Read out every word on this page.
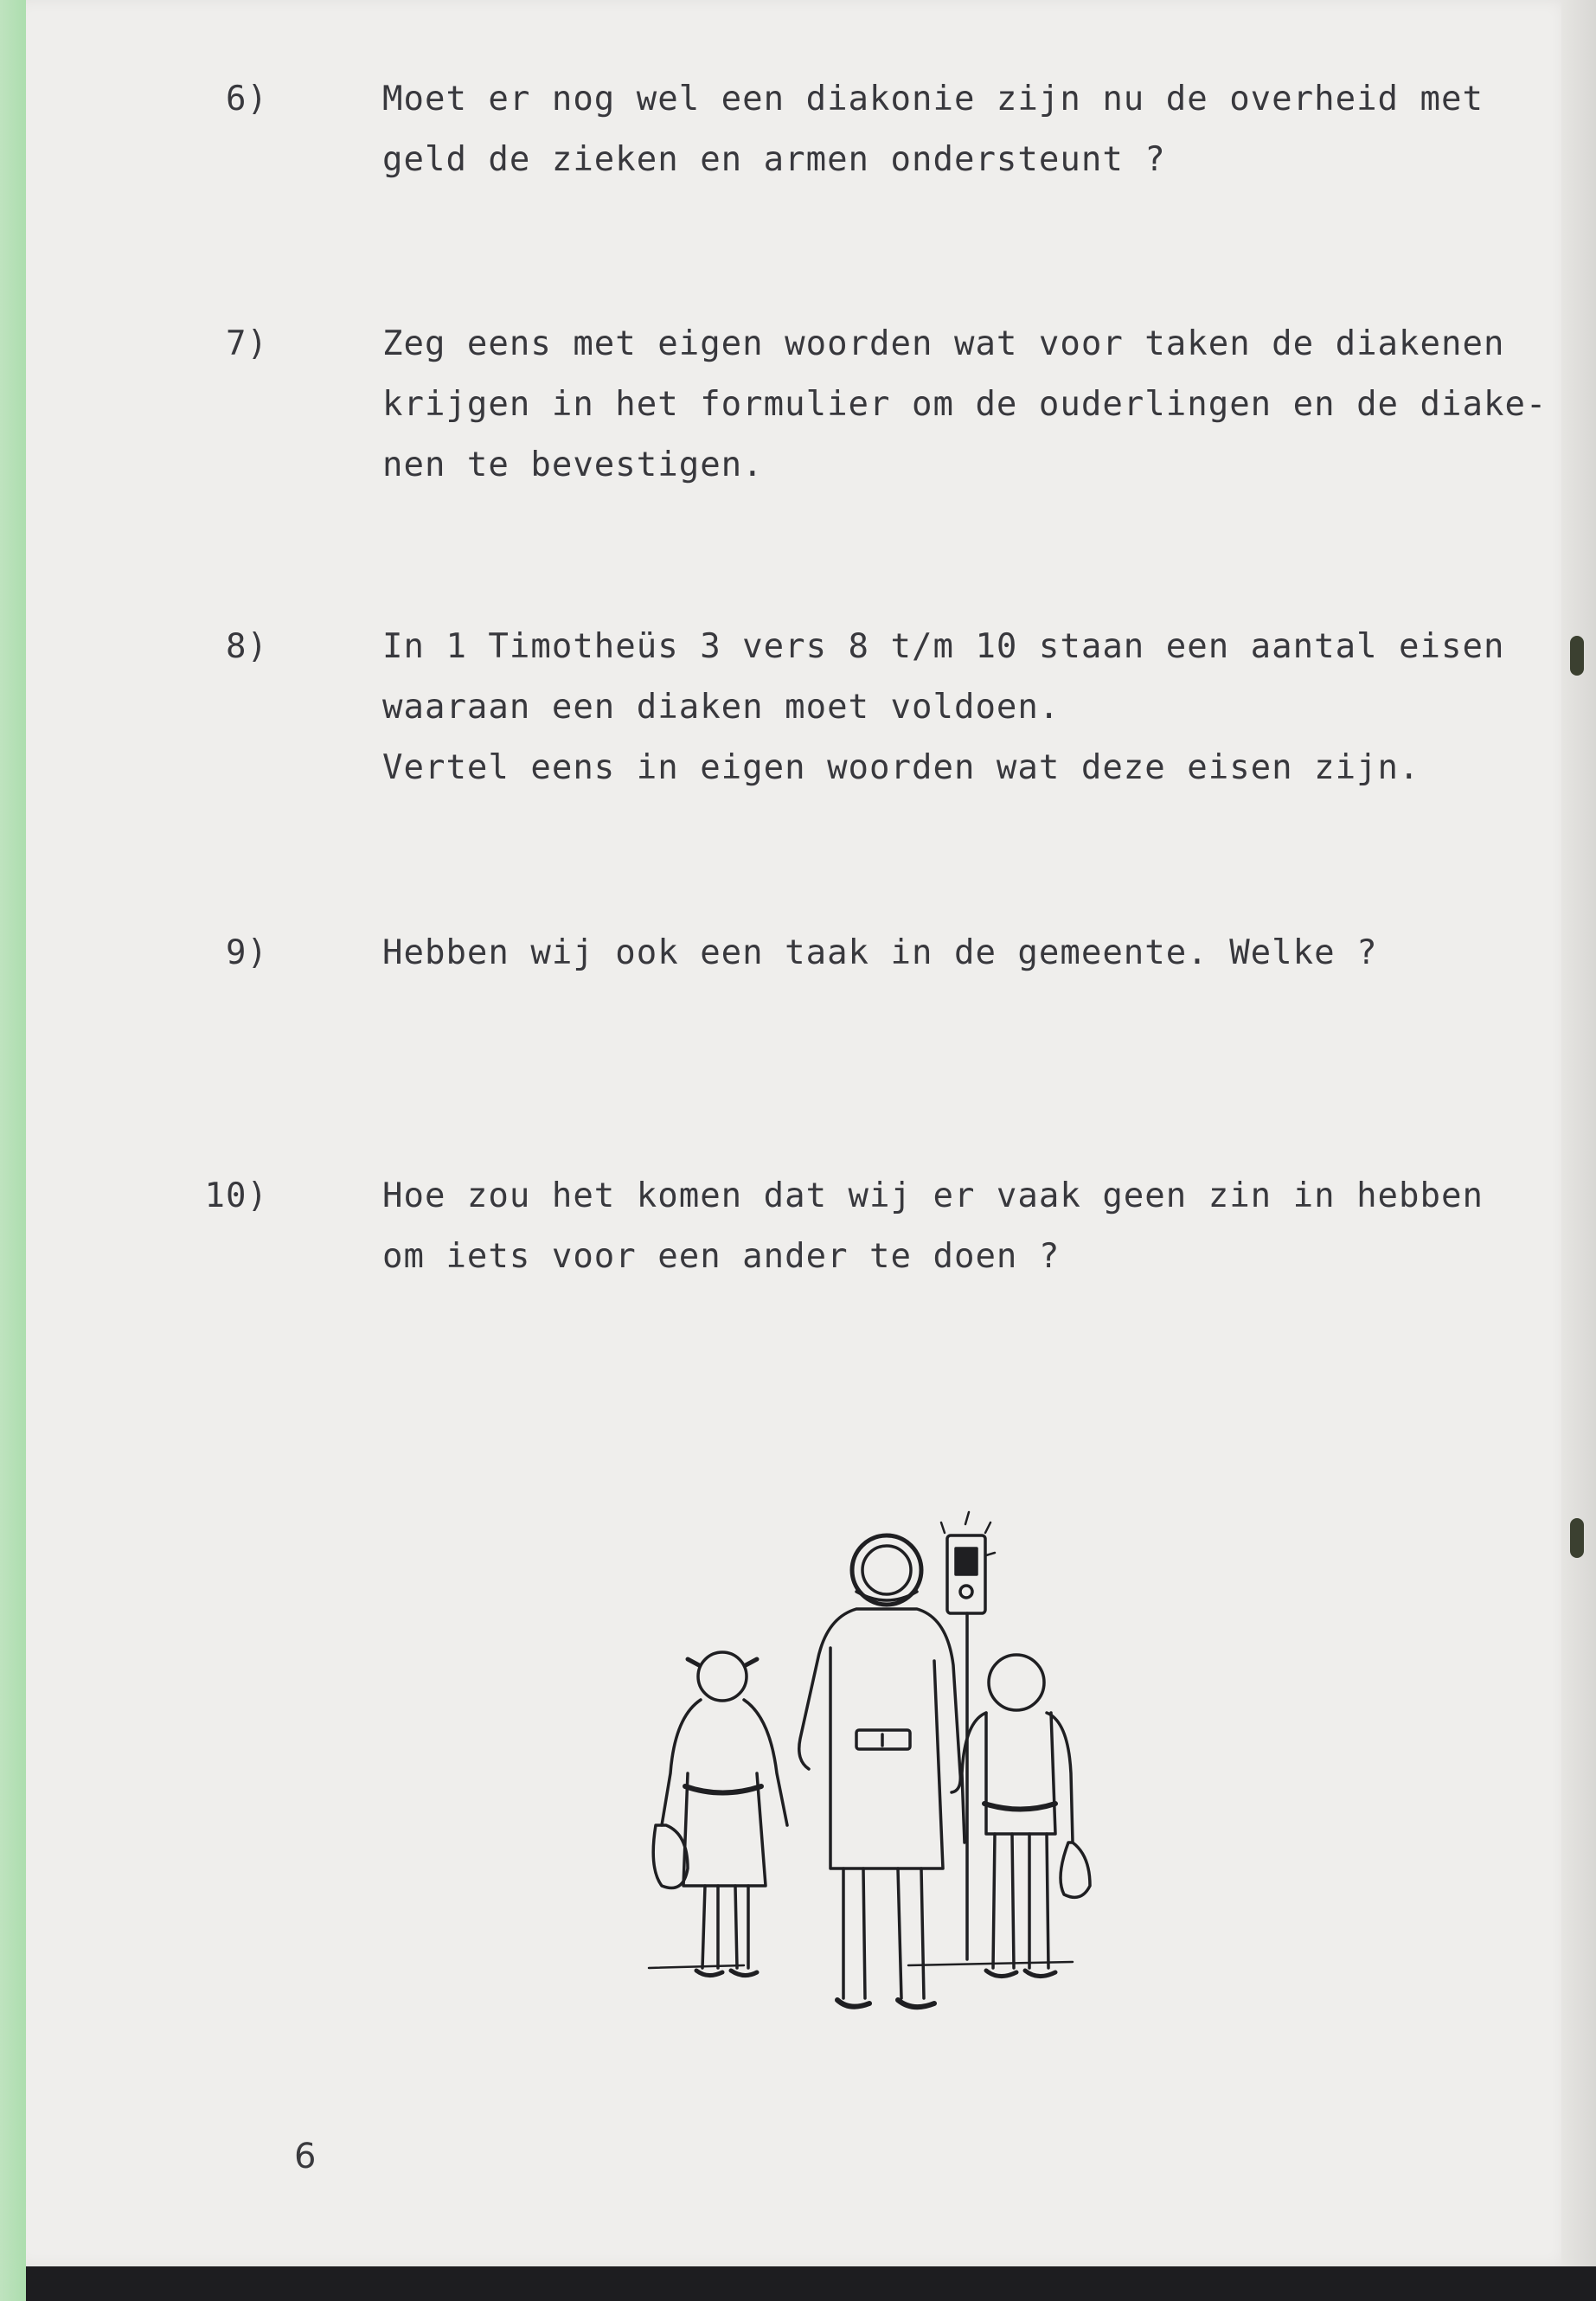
6)	Moet er nog wel een diakonie zijn nu de overheid met
geld de zieken en armen ondersteunt ?
7)	Zeg eens met eigen woorden wat voor taken de diakenen
krijgen in het formulier om de ouderlingen en de diake-
nen te bevestigen.
8)	In 1 Timotheüs 3 vers 8 t/m 10 staan een aantal eisen
waaraan een diaken moet voldoen.
Vertel eens in eigen woorden wat deze eisen zijn.
9)	Hebben wij ook een taak in de gemeente. Welke ?
10)	Hoe zou het komen dat wij er vaak geen zin in hebben
om iets voor een ander te doen ?
6
